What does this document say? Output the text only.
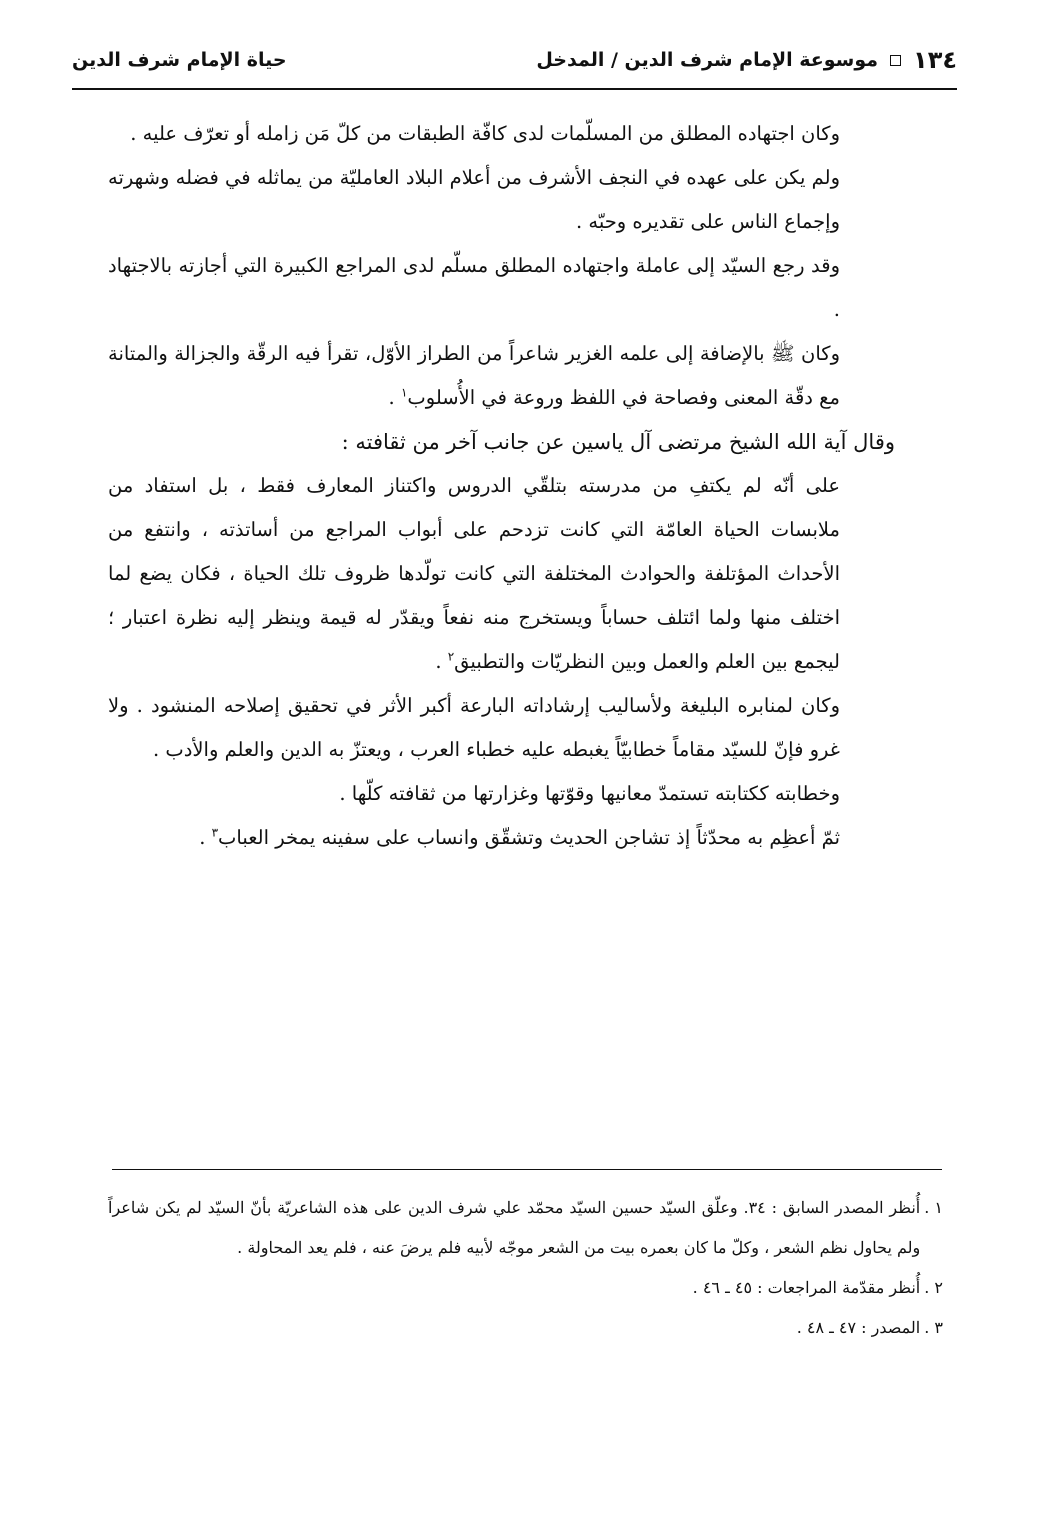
١٣٤
موسوعة الإمام شرف الدين / المدخل
حياة الإمام شرف الدين

وكان اجتهاده المطلق من المسلّمات لدى كافّة الطبقات من كلّ مَن زامله أو تعرّف عليه .

ولم يكن على عهده في النجف الأشرف من أعلام البلاد العامليّة من يماثله في فضله وشهرته وإجماع الناس على تقديره وحبّه .

وقد رجع السيّد إلى عاملة واجتهاده المطلق مسلّم لدى المراجع الكبيرة التي أجازته بالاجتهاد .

وكان ﷺ بالإضافة إلى علمه الغزير شاعراً من الطراز الأوّل، تقرأ فيه الرقّة والجزالة والمتانة مع دقّة المعنى وفصاحة في اللفظ وروعة في الأُسلوب$^١$ .

وقال آية الله الشيخ مرتضى آل ياسين عن جانب آخر من ثقافته :

على أنّه لم يكتفِ من مدرسته بتلقّي الدروس واكتناز المعارف فقط ، بل استفاد من ملابسات الحياة العامّة التي كانت تزدحم على أبواب المراجع من أساتذته ، وانتفع من الأحداث المؤتلفة والحوادث المختلفة التي كانت تولّدها ظروف تلك الحياة ، فكان يضع لما اختلف منها ولما ائتلف حساباً ويستخرج منه نفعاً ويقدّر له قيمة وينظر إليه نظرة اعتبار ؛ ليجمع بين العلم والعمل وبين النظريّات والتطبيق$^٢$ .

وكان لمنابره البليغة ولأساليب إرشاداته البارعة أكبر الأثر في تحقيق إصلاحه المنشود . ولا غرو فإنّ للسيّد مقاماً خطابيّاً يغبطه عليه خطباء العرب ، ويعتزّ به الدين والعلم والأدب .

وخطابته ككتابته تستمدّ معانيها وقوّتها وغزارتها من ثقافته كلّها .

ثمّ أعظِم به محدّثاً إذ تشاجن الحديث وتشقّق وانساب على سفينه يمخر العباب$^٣$ .

١ .
أُنظر المصدر السابق : ٣٤. وعلّق السيّد حسين السيّد محمّد علي شرف الدين على هذه الشاعريّة بأنّ السيّد لم يكن شاعراً ولم يحاول نظم الشعر ، وكلّ ما كان بعمره بيت من الشعر موجّه لأبيه فلم يرضَ عنه ، فلم يعد المحاولة .

٢ .
أُنظر مقدّمة المراجعات : ٤٥ ـ ٤٦ .

٣ .
المصدر : ٤٧ ـ ٤٨ .
